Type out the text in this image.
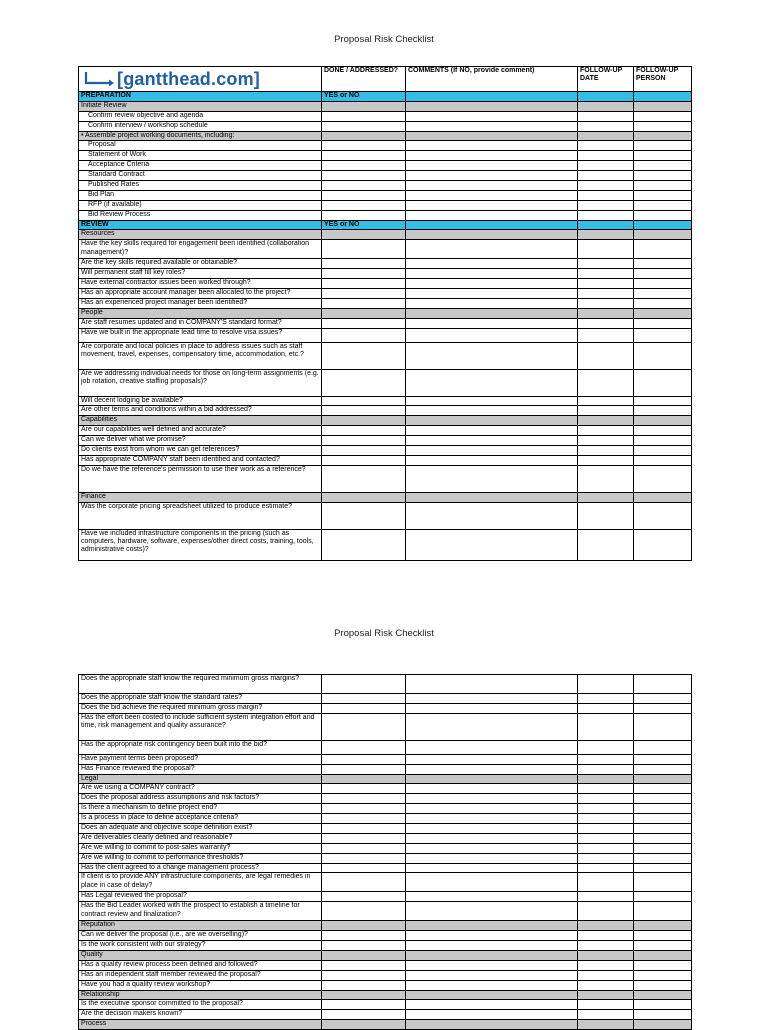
Proposal Risk Checklist
[gantthead.com]	DONE / ADDRESSED?	COMMENTS (If NO, provide comment)	FOLLOW-UP DATE	FOLLOW-UP PERSON
PREPARATION	YES or NO			
Initiate Review				
Confirm review objective and agenda				
Confirm interview / workshop schedule				
• Assemble project working documents, including:				
Proposal				
Statement of Work				
Acceptance Criteria				
Standard Contract				
Published Rates				
Bid Plan				
RFP (if available)				
Bid Review Process				
REVIEW	YES or NO			
Resources				
Have the key skills required for engagement been identified (collaboration management)?				
Are the key skills required available or obtainable?				
Will permanent staff fill key roles?				
Have external contractor issues been worked through?				
Has an appropriate account manager been allocated to the project?				
Has an experienced project manager been identified?				
People				
Are staff resumes updated and in COMPANY'S standard format?				
Have we built in the appropriate lead time to resolve visa issues?				
Are corporate and local policies in place to address issues such as staff movement, travel, expenses, compensatory time, accommodation, etc.?				
Are we addressing individual needs for those on long-term assignments (e.g. job rotation, creative staffing proposals)?				
Will decent lodging be available?				
Are other terms and conditions within a bid addressed?				
Capabilities				
Are our capabilities well defined and accurate?				
Can we deliver what we promise?				
Do clients exist from whom we can get references?				
Has appropriate COMPANY staff been identified and contacted?				
Do we have the reference's permission to use their work as a reference?				
Finance				
Was the corporate pricing spreadsheet utilized to produce estimate?				
Have we included infrastructure components in the pricing (such as computers, hardware, software, expenses/other direct costs, training, tools, administrative costs)?				
Proposal Risk Checklist
Does the appropriate staff know the required minimum gross margins?				
Does the appropriate staff know the standard rates?				
Does the bid achieve the required minimum gross margin?				
Has the effort been costed to include sufficient system integration effort and time, risk management and quality assurance?				
Has the appropriate risk contingency been built into the bid?				
Have payment terms been proposed?				
Has Finance reviewed the proposal?				
Legal				
Are we using a COMPANY contract?				
Does the proposal address assumptions and risk factors?				
Is there a mechanism to define project end?				
Is a process in place to define acceptance criteria?				
Does an adequate and objective scope definition exist?				
Are deliverables clearly defined and reasonable?				
Are we willing to commit to post-sales warranty?				
Are we willing to commit to performance thresholds?				
Has the client agreed to a change management process?				
If client is to provide ANY infrastructure components, are legal remedies in place in case of delay?				
Has Legal reviewed the proposal?				
Has the Bid Leader worked with the prospect to establish a timeline for contract review and finalization?				
Reputation				
Can we deliver the proposal (i.e., are we overselling)?				
Is the work consistent with our strategy?				
Quality				
Has a quality review process been defined and followed?				
Has an independent staff member reviewed the proposal?				
Have you had a quality review workshop?				
Relationship				
Is the executive sponsor committed to the proposal?				
Are the decision makers known?				
Process				
